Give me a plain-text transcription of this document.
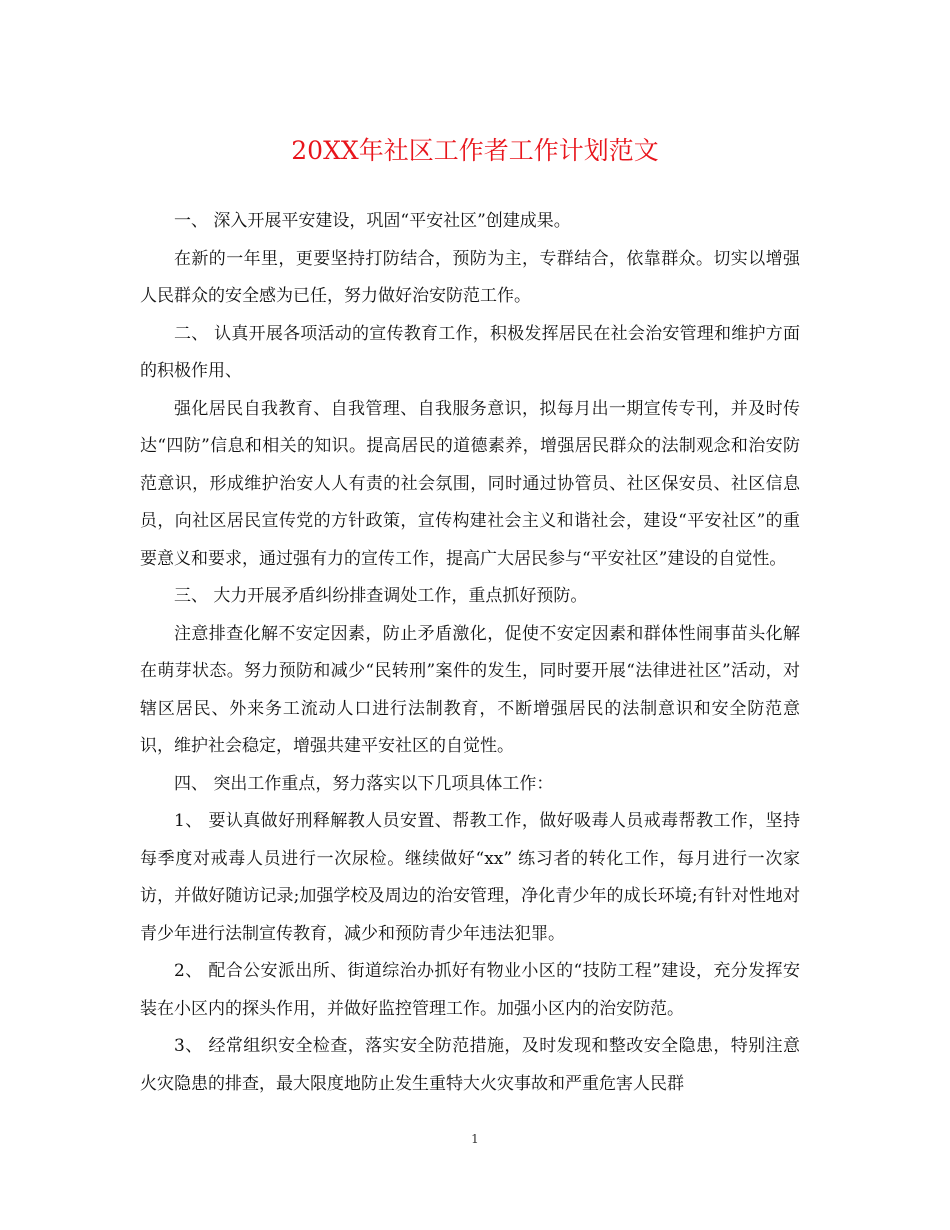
20XX年社区工作者工作计划范文

一、 深入开展平安建设，巩固“平安社区”创建成果。

在新的一年里，更要坚持打防结合，预防为主，专群结合，依靠群众。切实以增强人民群众的安全感为已任，努力做好治安防范工作。

二、 认真开展各项活动的宣传教育工作，积极发挥居民在社会治安管理和维护方面的积极作用、

强化居民自我教育、自我管理、自我服务意识，拟每月出一期宣传专刊，并及时传达“四防”信息和相关的知识。提高居民的道德素养，增强居民群众的法制观念和治安防范意识，形成维护治安人人有责的社会氛围，同时通过协管员、社区保安员、社区信息员，向社区居民宣传党的方针政策，宣传构建社会主义和谐社会，建设“平安社区”的重要意义和要求，通过强有力的宣传工作，提高广大居民参与“平安社区”建设的自觉性。

三、 大力开展矛盾纠纷排查调处工作，重点抓好预防。

注意排查化解不安定因素，防止矛盾激化，促使不安定因素和群体性闹事苗头化解在萌芽状态。努力预防和减少“民转刑”案件的发生，同时要开展“法律进社区”活动，对辖区居民、外来务工流动人口进行法制教育，不断增强居民的法制意识和安全防范意识，维护社会稳定，增强共建平安社区的自觉性。

四、 突出工作重点，努力落实以下几项具体工作：

1、 要认真做好刑释解教人员安置、帮教工作，做好吸毒人员戒毒帮教工作，坚持每季度对戒毒人员进行一次尿检。继续做好“xx” 练习者的转化工作，每月进行一次家访，并做好随访记录;加强学校及周边的治安管理，净化青少年的成长环境;有针对性地对青少年进行法制宣传教育，减少和预防青少年违法犯罪。

2、 配合公安派出所、街道综治办抓好有物业小区的“技防工程”建设，充分发挥安装在小区内的探头作用，并做好监控管理工作。加强小区内的治安防范。

3、 经常组织安全检查，落实安全防范措施，及时发现和整改安全隐患，特别注意火灾隐患的排查，最大限度地防止发生重特大火灾事故和严重危害人民群

1
